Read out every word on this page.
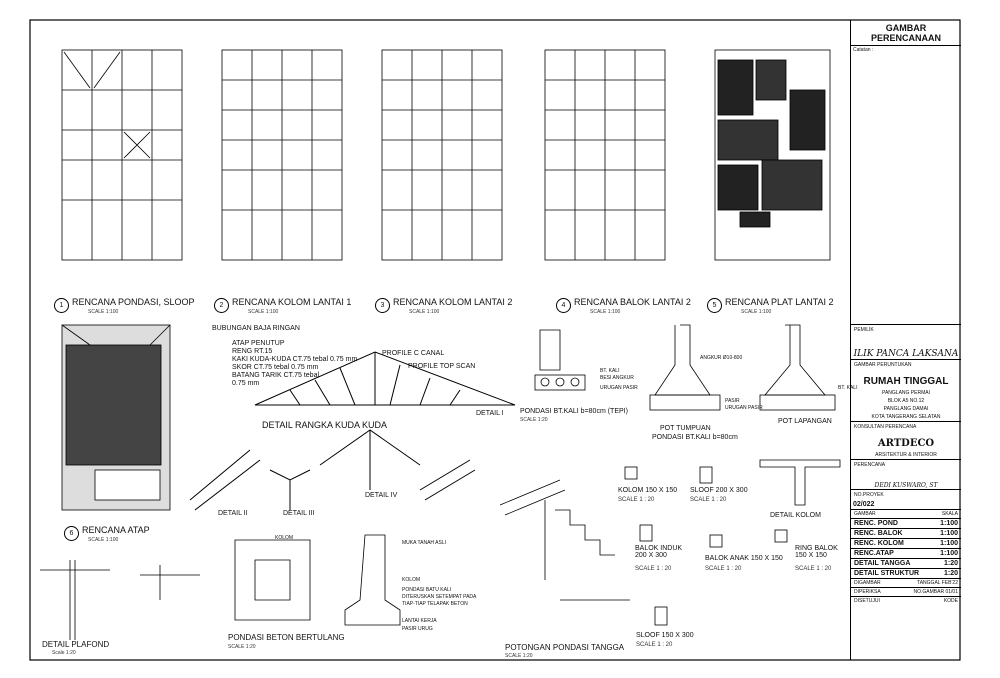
1 RENCANA PONDASI, SLOOP
SCALE 1:100
2 RENCANA KOLOM LANTAI 1
SCALE 1:100
3 RENCANA KOLOM LANTAI 2
SCALE 1:100
4 RENCANA BALOK LANTAI 2
SCALE 1:100
5 RENCANA PLAT LANTAI 2
SCALE 1:100
6 RENCANA ATAP
SCALE 1:100
BUBUNGAN BAJA RINGAN
ATAP PENUTUP
RENG RT.15
KAKI KUDA-KUDA CT.75 tebal 0.75 mm
SKOR CT.75 tebal 0.75 mm
BATANG TARIK CT.75 tebal
0.75 mm
PROFILE C CANAL
PROFILE TOP SCAN
DETAIL RANGKA KUDA KUDA
DETAIL I
DETAIL II	DETAIL III
DETAIL IV
PONDASI BT.KALI b=80cm (TEPI)
SCALE 1:20
POT TUMPUAN
PONDASI BT.KALI b=80cm
POT LAPANGAN
BT. KALI
BESI ANGKUR
URUGAN PASIR
PASIR
URUGAN PASIR
BT. KALI
ANGKUR Ø10-800
KOLOM 150 X 150
SCALE 1 : 20
SLOOF 200 X 300
SCALE 1 : 20
BALOK INDUK 200 X 300
SCALE 1 : 20
BALOK ANAK 150 X 150
SCALE 1 : 20
RING BALOK 150 X 150
SCALE 1 : 20
SLOOF 150 X 300
SCALE 1 : 20
DETAIL KOLOM
KOLOM
PONDASI BETON BERTULANG
SCALE 1:20
MUKA TANAH ASLI
KOLOM
PONDASI BATU KALI
DITERUSKAN SETEMPAT PADA
TIAP-TIAP TELAPAK BETON
LANTAI KERJA
PASIR URUG
POTONGAN PONDASI TANGGA
SCALE 1:20
DETAIL PLAFOND
Scale 1:20
GAMBAR PERENCANAAN
Catatan :
PEMILIK
ILIK PANCA LAKSANA
GAMBAR PERUNTUKAN
RUMAH TINGGAL
PANGLANG PERMAI
BLOK A5 NO.12
PANGLANG DAMAI
KOTA TANGERANG SELATAN
KONSULTAN PERENCANA
ARTDECO
ARSITEKTUR & INTERIOR
PERENCANA
DEDI KUSWARO, ST
NO.PROYEK
02/022
GAMBAR	SKALA
RENC. POND	1:100
RENC. BALOK	1:100
RENC. KOLOM	1:100
RENC.ATAP	1:100
DETAIL TANGGA	1:20
DETAIL STRUKTUR	1:20
DIGAMBAR	TANGGAL FEB'22
DIPERIKSA	NO.GAMBAR 01/01
DISETUJUI	KODE
